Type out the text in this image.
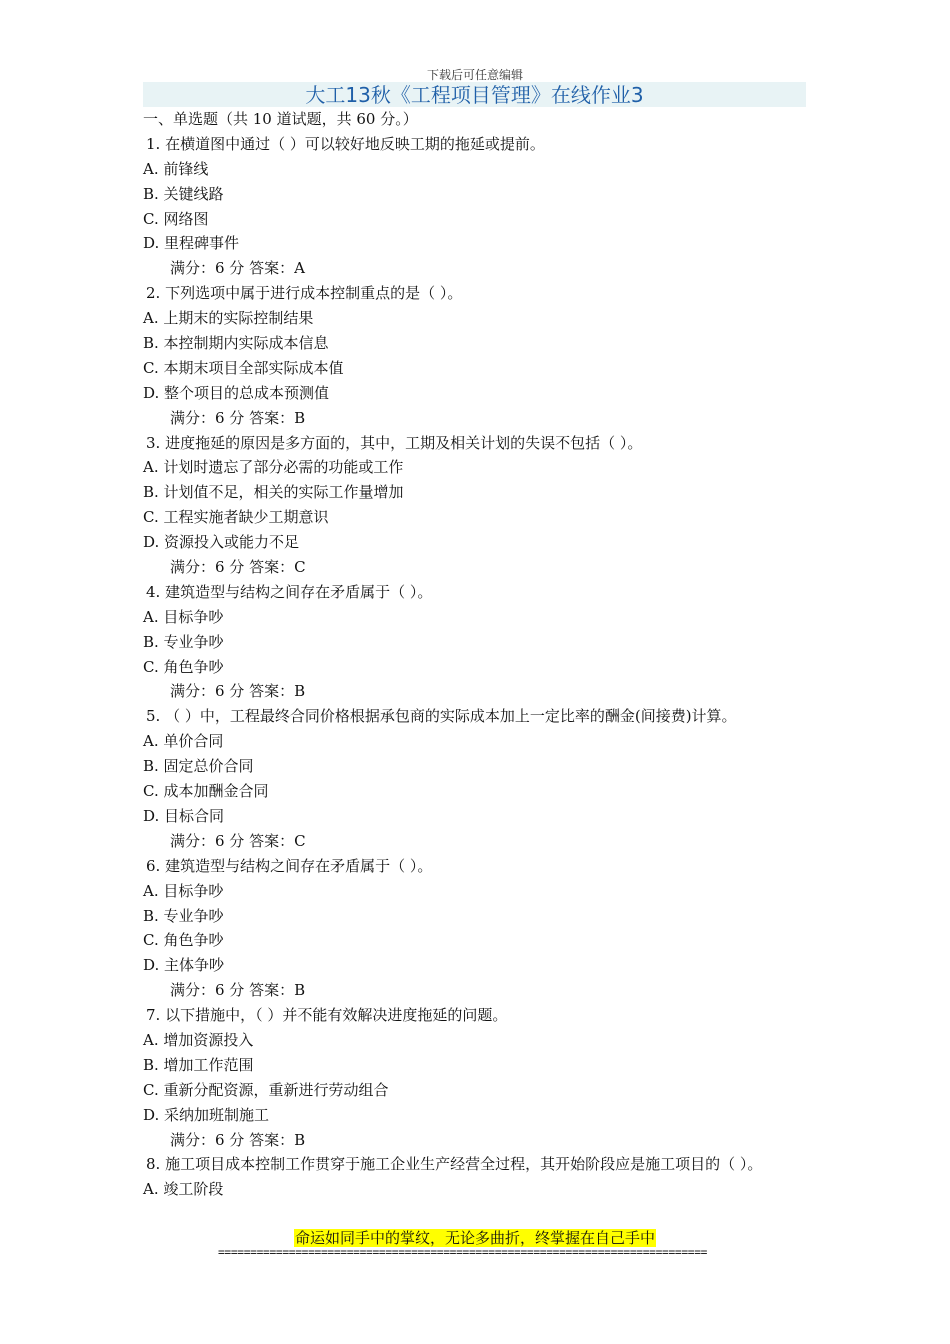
下载后可任意编辑
大工13秋《工程项目管理》在线作业3
一、单选题（共 10 道试题，共 60 分。）
1. 在横道图中通过（ ）可以较好地反映工期的拖延或提前。
A. 前锋线
B. 关键线路
C. 网络图
D. 里程碑事件
满分：6 分 答案：A
2. 下列选项中属于进行成本控制重点的是（ ）。
A. 上期末的实际控制结果
B. 本控制期内实际成本信息
C. 本期末项目全部实际成本值
D. 整个项目的总成本预测值
满分：6 分 答案：B
3. 进度拖延的原因是多方面的，其中，工期及相关计划的失误不包括（ ）。
A. 计划时遗忘了部分必需的功能或工作
B. 计划值不足，相关的实际工作量增加
C. 工程实施者缺少工期意识
D. 资源投入或能力不足
满分：6 分 答案：C
4. 建筑造型与结构之间存在矛盾属于（ ）。
A. 目标争吵
B. 专业争吵
C. 角色争吵
满分：6 分 答案：B
5. （ ）中，工程最终合同价格根据承包商的实际成本加上一定比率的酬金(间接费)计算。
A. 单价合同
B. 固定总价合同
C. 成本加酬金合同
D. 目标合同
满分：6 分 答案：C
6. 建筑造型与结构之间存在矛盾属于（ ）。
A. 目标争吵
B. 专业争吵
C. 角色争吵
D. 主体争吵
满分：6 分 答案：B
7. 以下措施中，（ ）并不能有效解决进度拖延的问题。
A. 增加资源投入
B. 增加工作范围
C. 重新分配资源，重新进行劳动组合
D. 采纳加班制施工
满分：6 分 答案：B
8. 施工项目成本控制工作贯穿于施工企业生产经营全过程，其开始阶段应是施工项目的（ ）。
A. 竣工阶段
命运如同手中的掌纹，无论多曲折，终掌握在自己手中
============================================================================
